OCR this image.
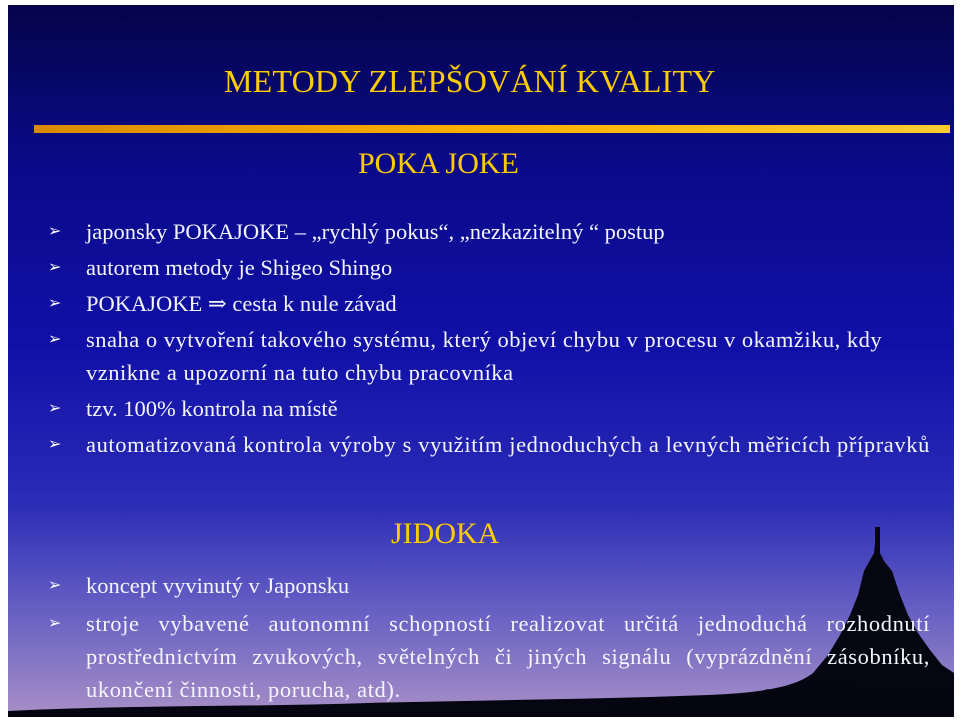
METODY ZLEPŠOVÁNÍ KVALITY
POKA JOKE
➢	japonsky POKAJOKE – „rychlý pokus“, „nezkazitelný “ postup
➢	autorem metody je Shigeo Shingo
➢	POKAJOKE ⇒ cesta k nule závad
➢	snaha o vytvoření takového systému, který objeví chybu v procesu v okamžiku, kdy vznikne a upozorní na tuto chybu pracovníka
➢	tzv. 100% kontrola na místě
➢	automatizovaná kontrola výroby s využitím jednoduchých a levných měřicích přípravků
JIDOKA
➢	koncept vyvinutý v Japonsku
➢	stroje vybavené autonomní schopností realizovat určitá jednoduchá rozhodnutí prostřednictvím zvukových, světelných či jiných signálu (vyprázdnění zásobníku, ukončení činnosti, porucha, atd).
